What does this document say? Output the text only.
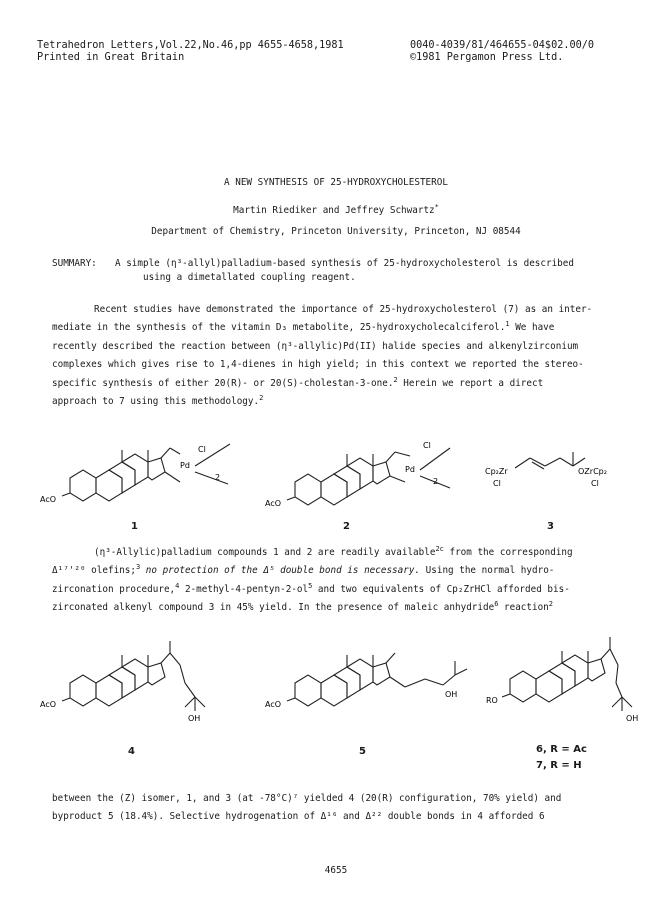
Tetrahedron Letters,Vol.22,No.46,pp 4655-4658,1981
Printed in Great Britain
0040-4039/81/464655-04$02.00/0
©1981 Pergamon Press Ltd.
A NEW SYNTHESIS OF 25-HYDROXYCHOLESTEROL
Martin Riediker and Jeffrey Schwartz*
Department of Chemistry, Princeton University, Princeton, NJ 08544
SUMMARY: A simple (η³-allyl)palladium-based synthesis of 25-hydroxycholesterol is described
using a dimetallated coupling reagent.
Recent studies have demonstrated the importance of 25-hydroxycholesterol (7) as an inter-
mediate in the synthesis of the vitamin D₃ metabolite, 25-hydroxycholecalciferol.$^1$ We have
recently described the reaction between (η³-allylic)Pd(II) halide species and alkenylzirconium
complexes which gives rise to 1,4-dienes in high yield; in this context we reported the stereo-
specific synthesis of either 20(R)- or 20(S)-cholestan-3-one.$^2$ Herein we report a direct
approach to 7 using this methodology.$^2$
AcO
Pd
Cl
2
AcO
Pd
Cl
2
Cp₂Zr
Cl
OZrCp₂
Cl
1	2	3
(η³-Allylic)palladium compounds 1 and 2 are readily available$^{2c}$ from the corresponding
Δ¹⁷'²⁰ olefins;$^3$ no protection of the Δ⁵ double bond is necessary. Using the normal hydro-
zirconation procedure,$^4$ $2-methyl-4-pentyn-2-ol^5$ and two equivalents of Cp₂ZrHCl afforded bis-
zirconated alkenyl compound 3 in 45% yield. In the presence of maleic anhydride$^6$ reaction$^2$
AcO
OH
AcO
OH
RO
OH
4	5	6, R = Ac
7, R = H
between the (Z) isomer, 1, and 3 (at -78°C)⁷ yielded 4 (20(R) configuration, 70% yield) and
byproduct 5 (18.4%). Selective hydrogenation of Δ¹⁶ and Δ²² double bonds in 4 afforded 6
4655
